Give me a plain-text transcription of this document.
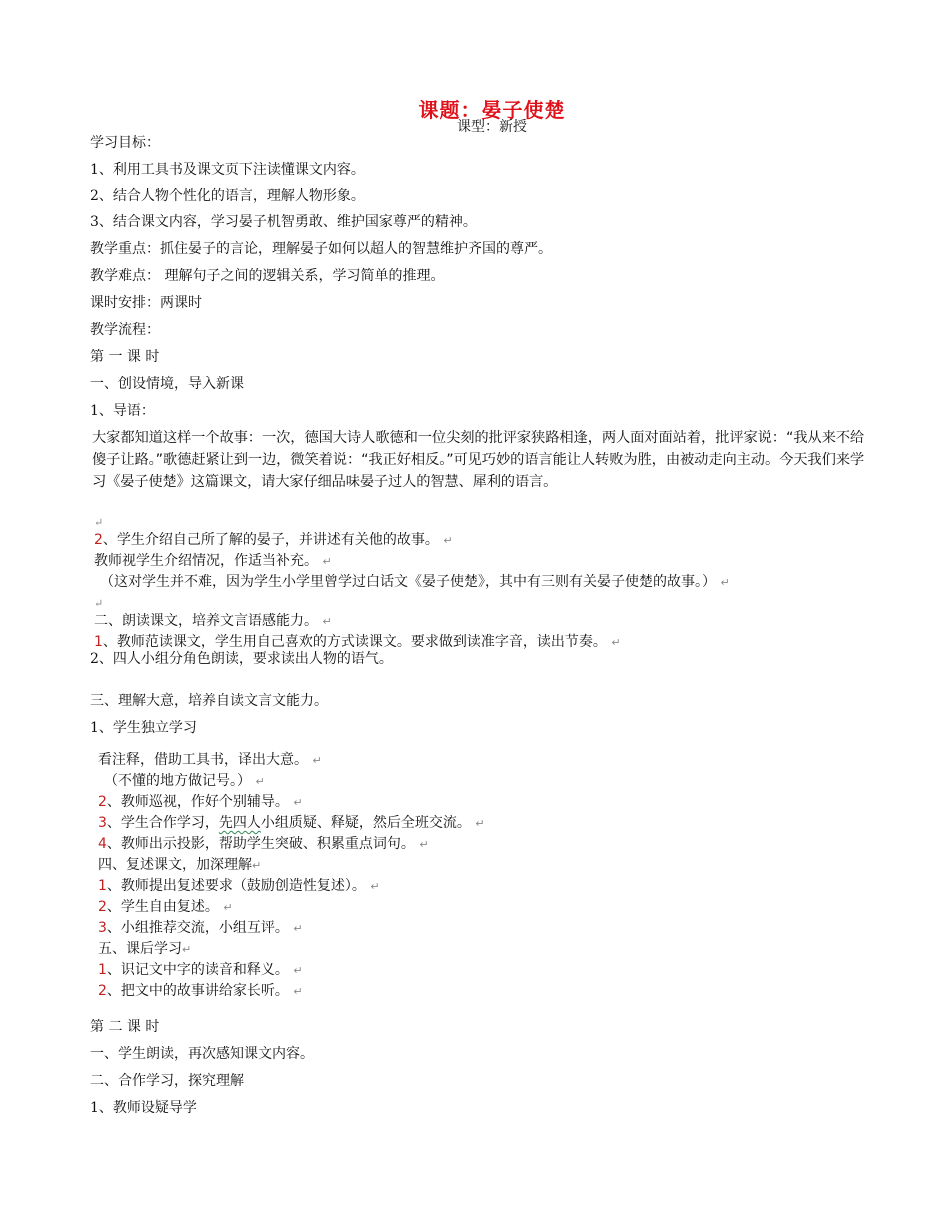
课题：晏子使楚
课型：新授
学习目标：
1、利用工具书及课文页下注读懂课文内容。
2、结合人物个性化的语言，理解人物形象。
3、结合课文内容，学习晏子机智勇敢、维护国家尊严的精神。
教学重点：抓住晏子的言论，理解晏子如何以超人的智慧维护齐国的尊严。
教学难点： 理解句子之间的逻辑关系，学习简单的推理。
课时安排：两课时
教学流程：
第 一 课 时
一、创设情境，导入新课
1、导语：
大家都知道这样一个故事：一次，德国大诗人歌德和一位尖刻的批评家狭路相逢，两人面对面站着，批评家说：“我从来不给傻子让路。”歌德赶紧让到一边，微笑着说：“我正好相反。”可见巧妙的语言能让人转败为胜，由被动走向主动。今天我们来学习《晏子使楚》这篇课文，请大家仔细品味晏子过人的智慧、犀利的语言。
↵
2、学生介绍自己所了解的晏子，并讲述有关他的故事。 ↵
教师视学生介绍情况，作适当补充。 ↵
（这对学生并不难，因为学生小学里曾学过白话文《晏子使楚》，其中有三则有关晏子使楚的故事。） ↵
↵
二、朗读课文，培养文言语感能力。 ↵
1、教师范读课文，学生用自己喜欢的方式读课文。要求做到读准字音，读出节奏。 ↵
2、四人小组分角色朗读，要求读出人物的语气。
三、理解大意，培养自读文言文能力。
1、学生独立学习
看注释，借助工具书，译出大意。 ↵
（不懂的地方做记号。） ↵
2、教师巡视，作好个别辅导。 ↵
3、学生合作学习，先四人小组质疑、释疑，然后全班交流。 ↵
4、教师出示投影，帮助学生突破、积累重点词句。 ↵
四、复述课文，加深理解↵
1、教师提出复述要求（鼓励创造性复述）。 ↵
2、学生自由复述。 ↵
3、小组推荐交流，小组互评。 ↵
五、课后学习↵
1、识记文中字的读音和释义。 ↵
2、把文中的故事讲给家长听。 ↵
第 二 课 时
一、学生朗读，再次感知课文内容。
二、合作学习，探究理解
1、教师设疑导学
